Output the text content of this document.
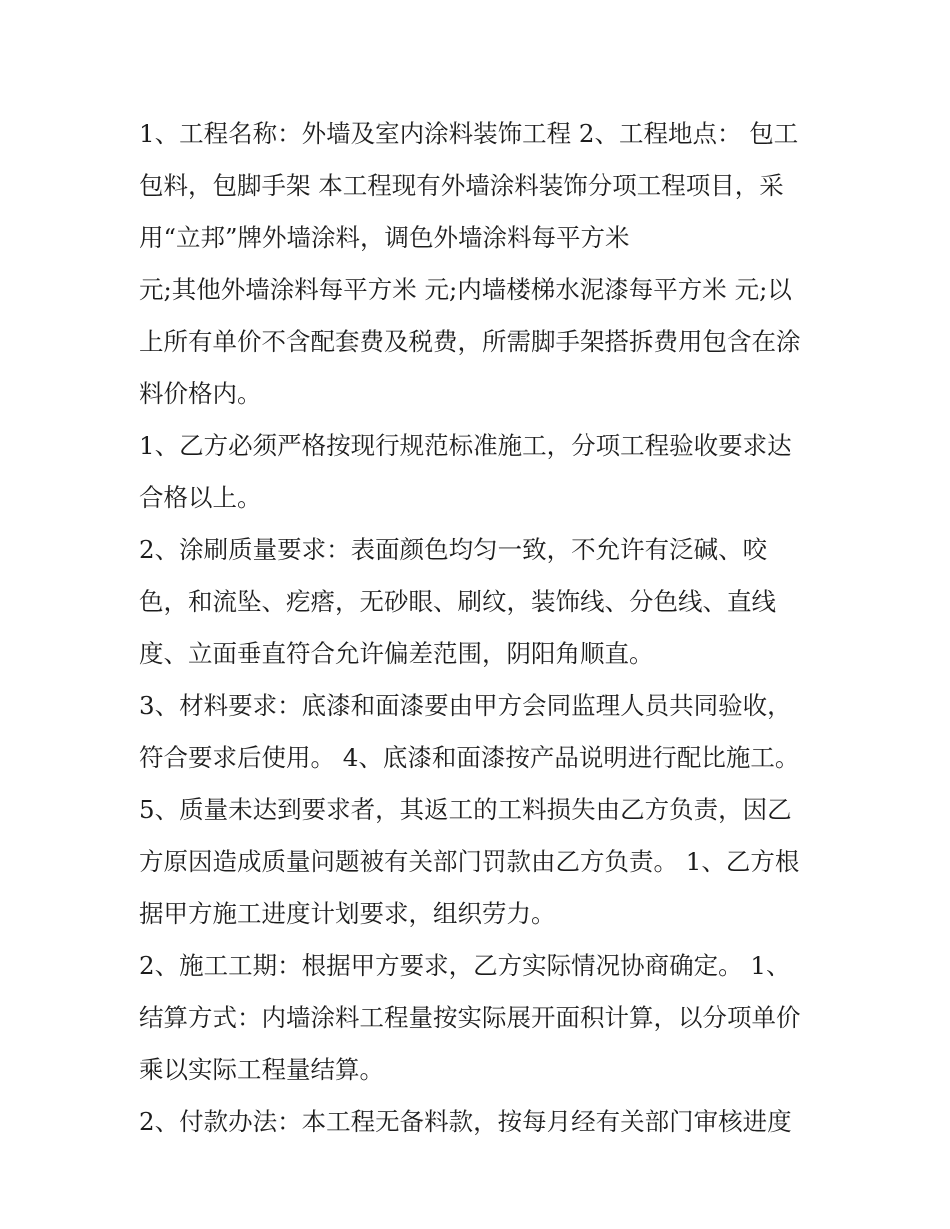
1、工程名称：外墙及室内涂料装饰工程 2、工程地点： 包工
包料，包脚手架 本工程现有外墙涂料装饰分项工程项目，采
用“立邦”牌外墙涂料，调色外墙涂料每平方米
元;其他外墙涂料每平方米 元;内墙楼梯水泥漆每平方米 元;以
上所有单价不含配套费及税费，所需脚手架搭拆费用包含在涂
料价格内。
1、乙方必须严格按现行规范标准施工，分项工程验收要求达
合格以上。
2、涂刷质量要求：表面颜色均匀一致，不允许有泛碱、咬
色，和流坠、疙瘩，无砂眼、刷纹，装饰线、分色线、直线
度、立面垂直符合允许偏差范围，阴阳角顺直。
3、材料要求：底漆和面漆要由甲方会同监理人员共同验收，
符合要求后使用。 4、底漆和面漆按产品说明进行配比施工。
5、质量未达到要求者，其返工的工料损失由乙方负责，因乙
方原因造成质量问题被有关部门罚款由乙方负责。 1、乙方根
据甲方施工进度计划要求，组织劳力。
2、施工工期：根据甲方要求，乙方实际情况协商确定。 1、
结算方式：内墙涂料工程量按实际展开面积计算，以分项单价
乘以实际工程量结算。
2、付款办法：本工程无备料款，按每月经有关部门审核进度
